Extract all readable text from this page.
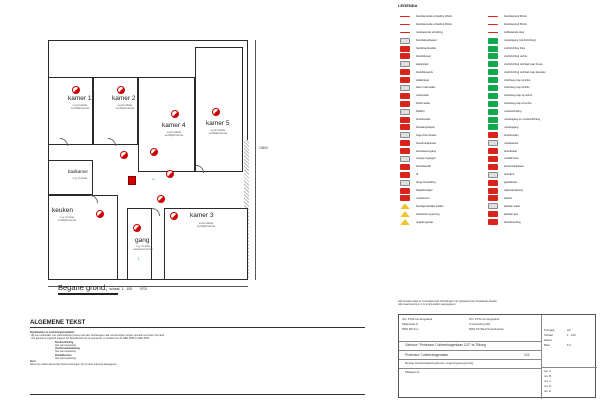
kamer 1
voorzufelte verblijfsruimte
kamer 2
voorzufelte verblijfsruimte
kamer 4
voorzufelte verblijfsruimte
kamer 5
voorzufelte verblijfsruimte
badkamer
o.g. functie
keuken
o.g. functie verblijfsruimte
gang
o.g. functie verkeersruimte
↓
←
kamer 3
voorzufelte verblijfsruimte
9700
10600
Begane grond, schaal 1 : 100
LEGENDA
brandwerende scheiding 30min.
brandwerende scheiding 60min.
rookwerende scheiding
brandslanghaspel
handbrandmelder
brandblusser
elektriciteit
brandbluswerk
deltaboksel
sfeer rookmelder
rookmelder
blushmelder
flitslicht
brandmelder
blusslanghaspel
hoge druk blusser
brandmeldpaneel
brandweeringang
overige ingangen
brandweerlift
dl
droge blusleiding
blaasbrandgel
noodstroom
brandgevaarlijke stoffen
elektrische spanning
opgelet gevaar
brandwerend 30min.
brandwerend 60min.
zelfsluitende deur
nooduitgang (vluchtrichting)
vluchtrichting links
vluchtrichting rechts
vluchtrichting rechtsaf naar boven
vluchtrichting rechtsaf naar beneden
vluchtweg trap op links
vluchtweg trap af links
vluchtweg trap op rechts
vluchtweg trap af rechts
noodverlichting
nooduitgang en noodverlichting
nooduitgang
brandmelder
rookdetector
brandkraan
noodklimmer
kamerschakelaar
brandput
gasafsluiter
wateraansluiting
elektra
afsluiter water
afsluiter gas
brandbranding
Alle bouwkundige en brandwerende scheidingen zijn gebaseerd op bestaande situatie
Alle maatvoering in mm tenzij anders aangegeven
Ohr. PCM van Engeland
Zaflerstaat 8
5681 BZ Son
Ohr. PCM van Engeland
Vrouwhestrg 246
5081 PC Bad Oudenbosche
Gebouw "Professor Cobbenhagenlaan 122" te Tilburg
Professor Cobbenhagenlaan	122
Revisie brandveiligheid gebouw, omgevingsvergunning
Plattegrond
Formaat	A3
Schaal	1 : 100
Datum
Blad	1/1
rev. A
rev. B
rev. C
rev. D
rev. E
ALGEMENE TEKST
Brandmelder en ontruimingsinstallatie:
- Bij een rookmelder met (automatische) sirene moet alle vluchtwegen naar voorzieningen worden gemeld met buiten het pand.
- Het gebouw is ingericht volgens het Bouwbesluit van de gemeente, in verband met de NEN 2535 en NEN 2575.
Noodverlichting
Niet van toepassing
Vluchtroutemarkering
Niet van toepassing
Brandblussers
Niet van toepassing
Noot:
Alleen de relatief aanwezige blusvoorzieningen zijn op deze tekening aangegeven.
